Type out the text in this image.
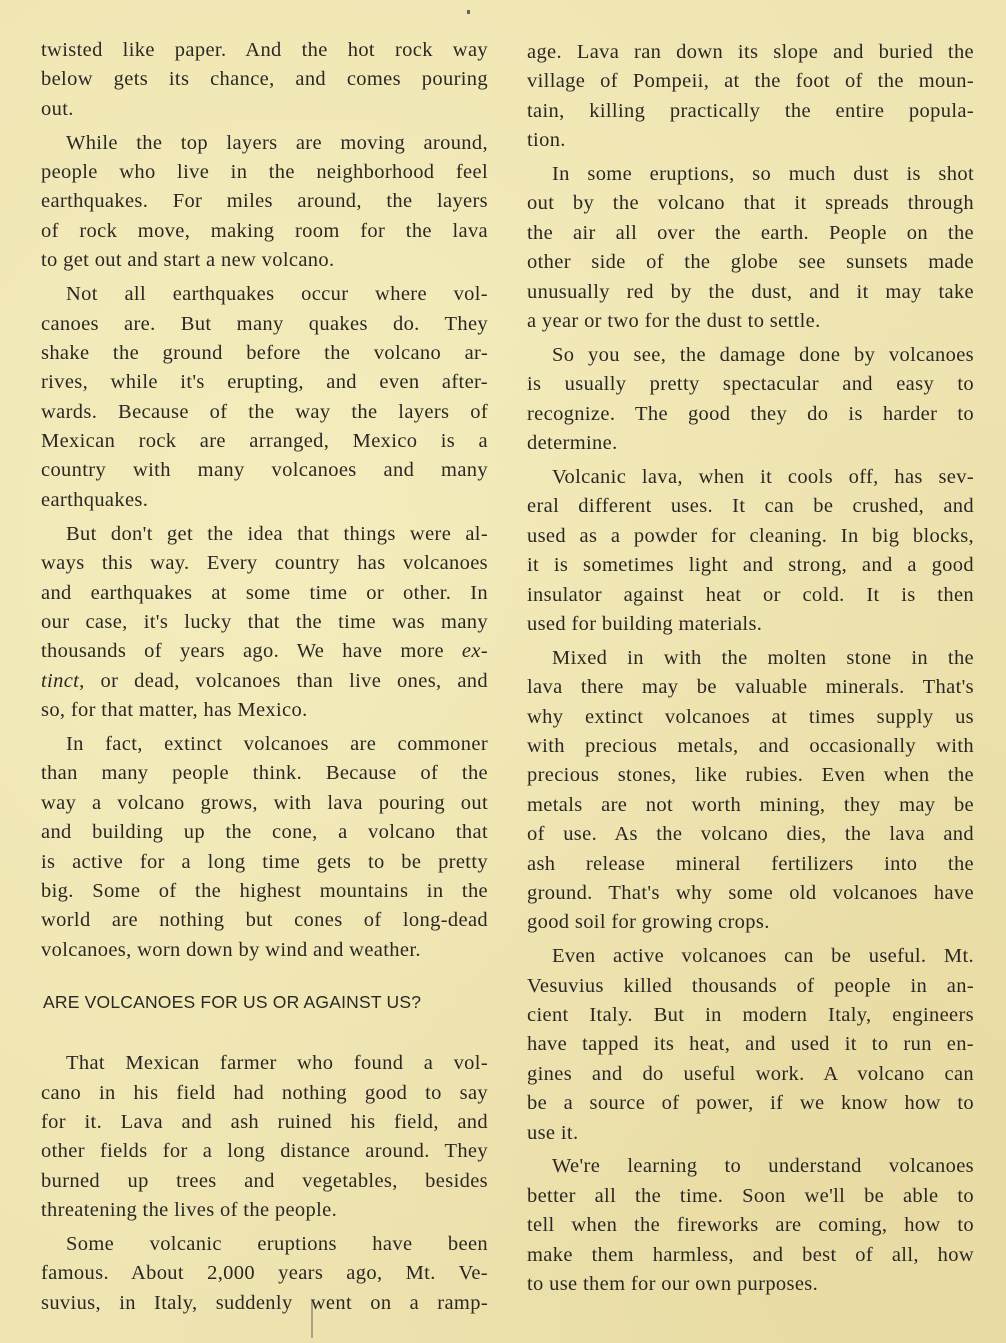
twisted like paper. And the hot rock way
below gets its chance, and comes pouring
out.
While the top layers are moving around,
people who live in the neighborhood feel
earthquakes. For miles around, the layers
of rock move, making room for the lava
to get out and start a new volcano.
Not all earthquakes occur where vol-
canoes are. But many quakes do. They
shake the ground before the volcano ar-
rives, while it's erupting, and even after-
wards. Because of the way the layers of
Mexican rock are arranged, Mexico is a
country with many volcanoes and many
earthquakes.
But don't get the idea that things were al-
ways this way. Every country has volcanoes
and earthquakes at some time or other. In
our case, it's lucky that the time was many
thousands of years ago. We have more ex-
tinct, or dead, volcanoes than live ones, and
so, for that matter, has Mexico.
In fact, extinct volcanoes are commoner
than many people think. Because of the
way a volcano grows, with lava pouring out
and building up the cone, a volcano that
is active for a long time gets to be pretty
big. Some of the highest mountains in the
world are nothing but cones of long-dead
volcanoes, worn down by wind and weather.
ARE VOLCANOES FOR US OR AGAINST US?
That Mexican farmer who found a vol-
cano in his field had nothing good to say
for it. Lava and ash ruined his field, and
other fields for a long distance around. They
burned up trees and vegetables, besides
threatening the lives of the people.
Some volcanic eruptions have been
famous. About 2,000 years ago, Mt. Ve-
suvius, in Italy, suddenly went on a ramp-
age. Lava ran down its slope and buried the
village of Pompeii, at the foot of the moun-
tain, killing practically the entire popula-
tion.
In some eruptions, so much dust is shot
out by the volcano that it spreads through
the air all over the earth. People on the
other side of the globe see sunsets made
unusually red by the dust, and it may take
a year or two for the dust to settle.
So you see, the damage done by volcanoes
is usually pretty spectacular and easy to
recognize. The good they do is harder to
determine.
Volcanic lava, when it cools off, has sev-
eral different uses. It can be crushed, and
used as a powder for cleaning. In big blocks,
it is sometimes light and strong, and a good
insulator against heat or cold. It is then
used for building materials.
Mixed in with the molten stone in the
lava there may be valuable minerals. That's
why extinct volcanoes at times supply us
with precious metals, and occasionally with
precious stones, like rubies. Even when the
metals are not worth mining, they may be
of use. As the volcano dies, the lava and
ash release mineral fertilizers into the
ground. That's why some old volcanoes have
good soil for growing crops.
Even active volcanoes can be useful. Mt.
Vesuvius killed thousands of people in an-
cient Italy. But in modern Italy, engineers
have tapped its heat, and used it to run en-
gines and do useful work. A volcano can
be a source of power, if we know how to
use it.
We're learning to understand volcanoes
better all the time. Soon we'll be able to
tell when the fireworks are coming, how to
make them harmless, and best of all, how
to use them for our own purposes.
